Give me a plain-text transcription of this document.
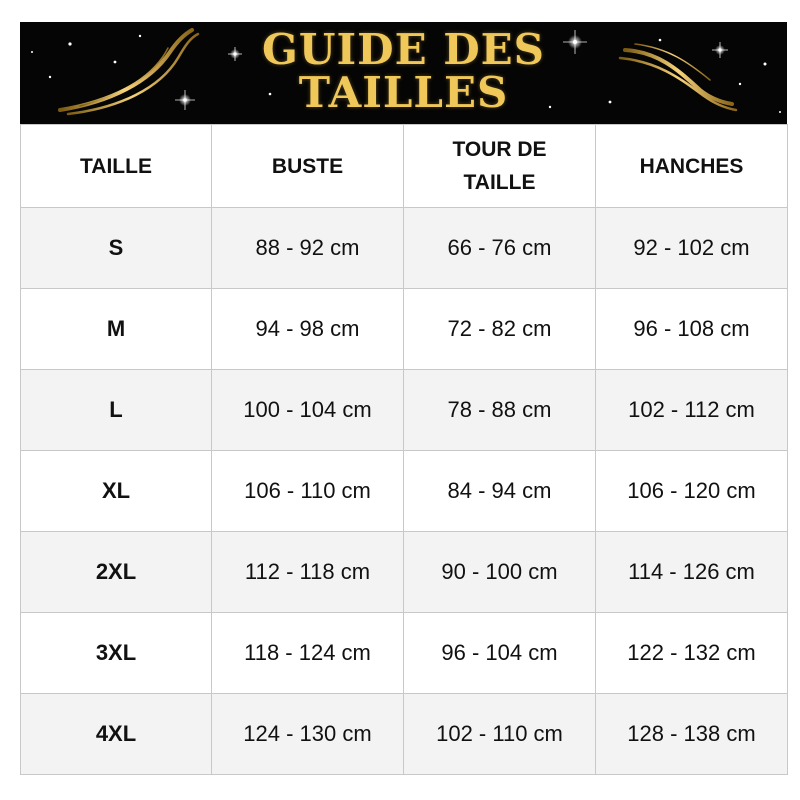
GUIDE DES
TAILLES
TAILLE	BUSTE	TOUR DE TAILLE	HANCHES
S	88 - 92 cm	66 - 76 cm	92 - 102 cm
M	94 - 98 cm	72 - 82 cm	96 - 108 cm
L	100 - 104 cm	78 - 88 cm	102 - 112 cm
XL	106 - 110 cm	84 - 94 cm	106 - 120 cm
2XL	112 - 118 cm	90 - 100 cm	114 - 126 cm
3XL	118 - 124 cm	96 - 104 cm	122 - 132 cm
4XL	124 - 130 cm	102 - 110 cm	128 - 138 cm
